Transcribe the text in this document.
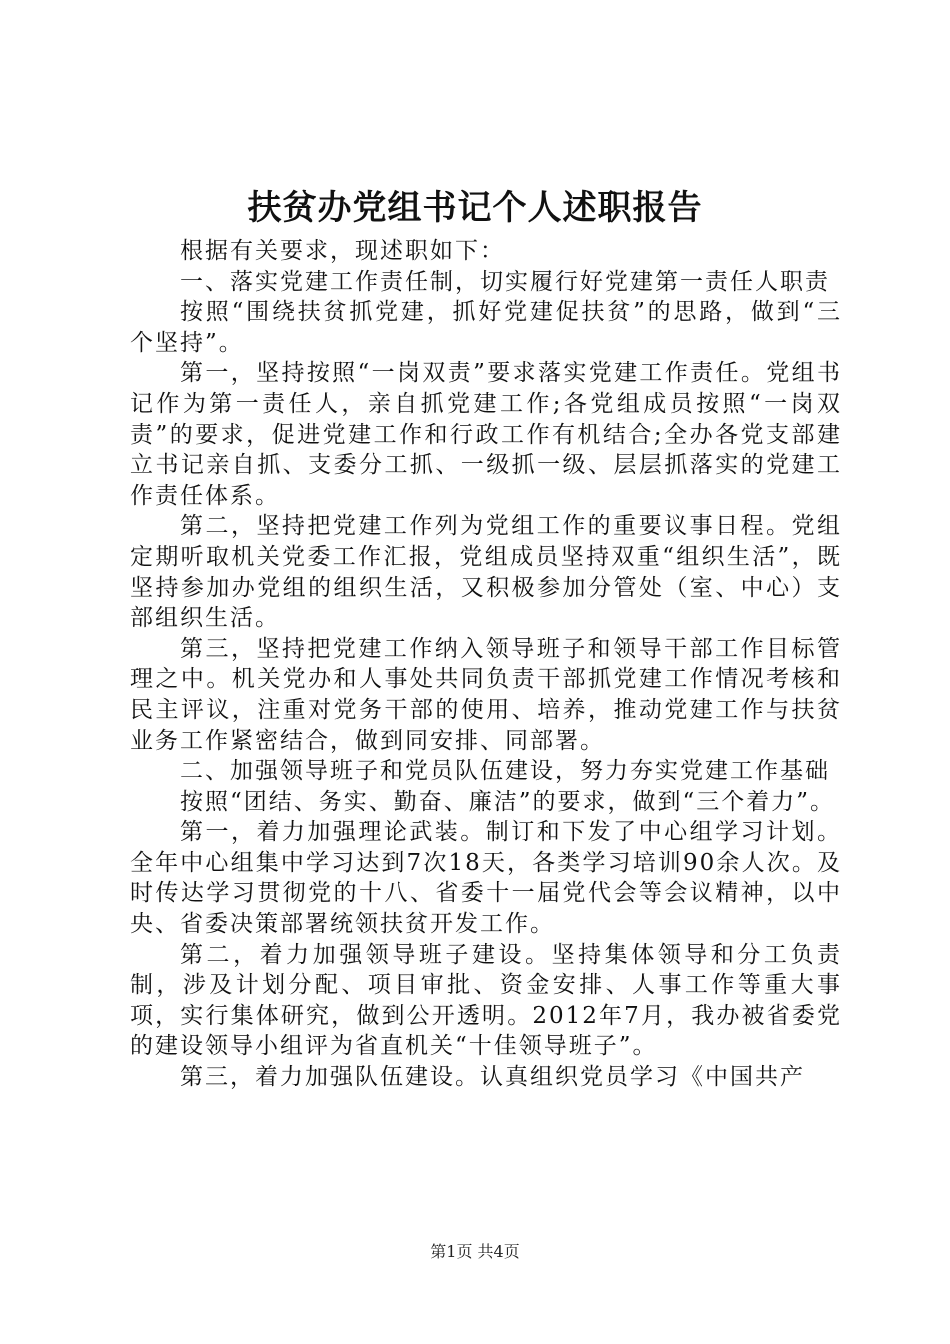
扶贫办党组书记个人述职报告

根据有关要求，现述职如下：

一、落实党建工作责任制，切实履行好党建第一责任人职责

按照“围绕扶贫抓党建，抓好党建促扶贫”的思路，做到“三个坚持”。

第一，坚持按照“一岗双责”要求落实党建工作责任。党组书记作为第一责任人，亲自抓党建工作;各党组成员按照“一岗双责”的要求，促进党建工作和行政工作有机结合;全办各党支部建立书记亲自抓、支委分工抓、一级抓一级、层层抓落实的党建工作责任体系。

第二，坚持把党建工作列为党组工作的重要议事日程。党组定期听取机关党委工作汇报，党组成员坚持双重“组织生活”，既坚持参加办党组的组织生活，又积极参加分管处（室、中心）支部组织生活。

第三，坚持把党建工作纳入领导班子和领导干部工作目标管理之中。机关党办和人事处共同负责干部抓党建工作情况考核和民主评议，注重对党务干部的使用、培养，推动党建工作与扶贫业务工作紧密结合，做到同安排、同部署。

二、加强领导班子和党员队伍建设，努力夯实党建工作基础

按照“团结、务实、勤奋、廉洁”的要求，做到“三个着力”。

第一，着力加强理论武装。制订和下发了中心组学习计划。全年中心组集中学习达到7次18天，各类学习培训90余人次。及时传达学习贯彻党的十八、省委十一届党代会等会议精神，以中央、省委决策部署统领扶贫开发工作。

第二，着力加强领导班子建设。坚持集体领导和分工负责制，涉及计划分配、项目审批、资金安排、人事工作等重大事项，实行集体研究，做到公开透明。2012年7月，我办被省委党的建设领导小组评为省直机关“十佳领导班子”。

第三，着力加强队伍建设。认真组织党员学习《中国共产

第1页 共4页
